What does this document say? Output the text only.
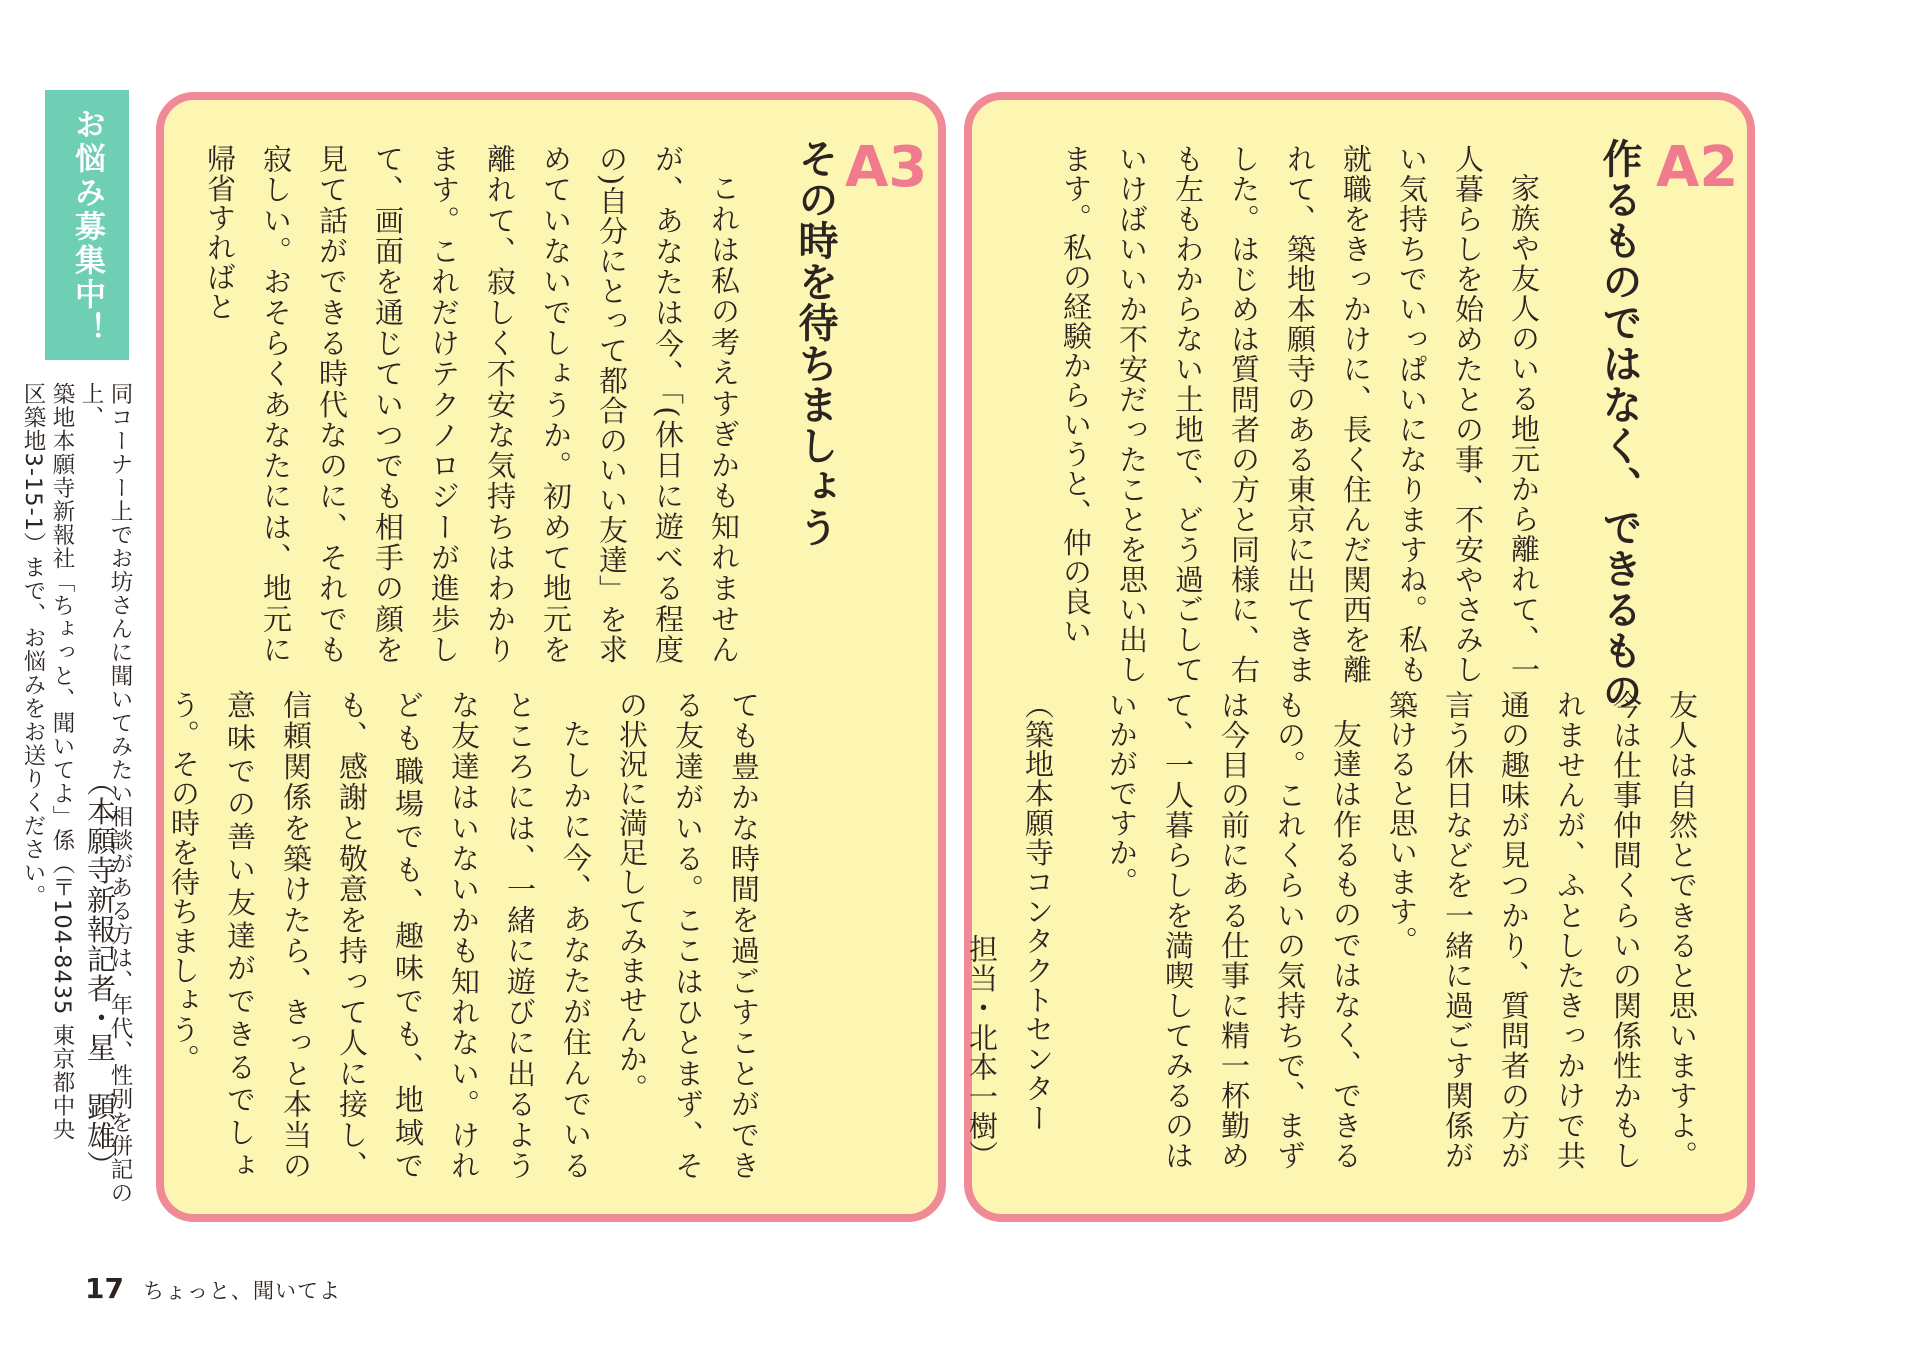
お悩み募集中！

同コーナー上でお坊さんに聞いてみたい相談がある方は、年代、性別を併記の上、

築地本願寺新報社「ちょっと、聞いてよ」係（〒104-8435 東京都中央

区築地3-15-1）まで、お悩みをお送りください。

A3
その時を待ちましょう

これは私の考えすぎかも知れませんが、あなたは今、「(休日に遊べる程度の)自分にとって都合のいい友達」を求めていないでしょうか。初めて地元を離れて、寂しく不安な気持ちはわかります。これだけテクノロジーが進歩して、画面を通じていつでも相手の顔を見て話ができる時代なのに、それでも寂しい。おそらくあなたには、地元に帰省すればと

ても豊かな時間を過ごすことができる友達がいる。ここはひとまず、その状況に満足してみませんか。

たしかに今、あなたが住んでいるところには、一緒に遊びに出るような友達はいないかも知れない。けれども職場でも、趣味でも、地域でも、感謝と敬意を持って人に接し、信頼関係を築けたら、きっと本当の意味での善い友達ができるでしょう。その時を待ちましょう。

（本願寺新報記者・星　顕雄）

A2
作るものではなく、できるもの

家族や友人のいる地元から離れて、一人暮らしを始めたとの事、不安やさみしい気持ちでいっぱいになりますね。私も就職をきっかけに、長く住んだ関西を離れて、築地本願寺のある東京に出てきました。はじめは質問者の方と同様に、右も左もわからない土地で、どう過ごしていけばいいか不安だったことを思い出します。私の経験からいうと、仲の良い

友人は自然とできると思いますよ。今は仕事仲間くらいの関係性かもしれませんが、ふとしたきっかけで共通の趣味が見つかり、質問者の方が言う休日などを一緒に過ごす関係が築けると思います。

友達は作るものではなく、できるもの。これくらいの気持ちで、まずは今目の前にある仕事に精一杯勤めて、一人暮らしを満喫してみるのはいかがですか。

（築地本願寺コンタクトセンター

担当・北本一樹）

17 ちょっと、聞いてよ
